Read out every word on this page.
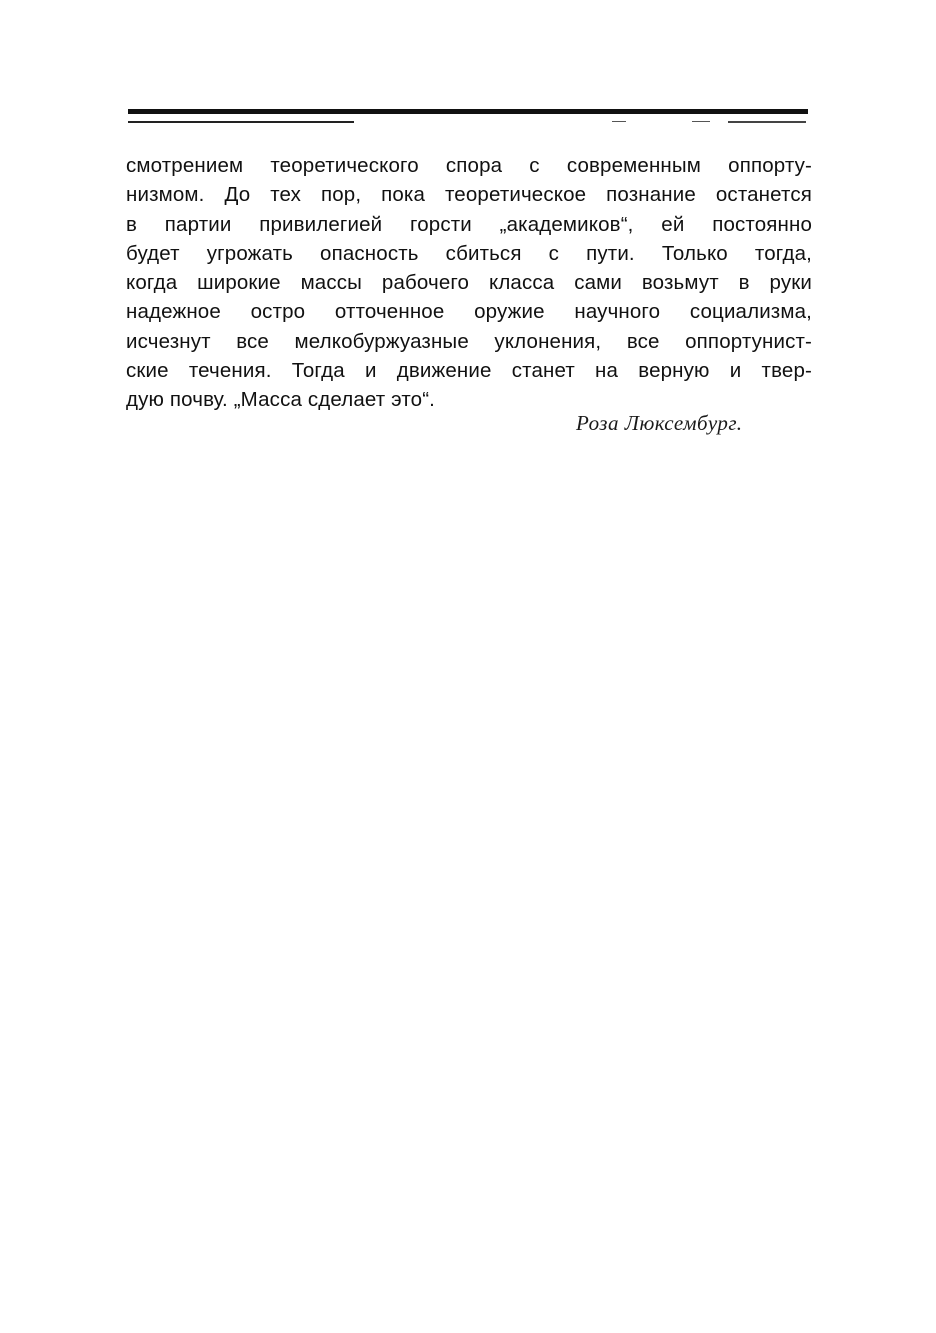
смотрением теоретического спора с современным оппорту-
низмом. До тех пор, пока теоретическое познание останется
в партии привилегией горсти „академиков“, ей постоянно
будет угрожать опасность сбиться с пути. Только тогда,
когда широкие массы рабочего класса сами возьмут в руки
надежное остро отточенное оружие научного социализма,
исчезнут все мелкобуржуазные уклонения, все оппортунист-
ские течения. Тогда и движение станет на верную и твер-
дую почву. „Масса сделает это“.
Роза Люксембург.
